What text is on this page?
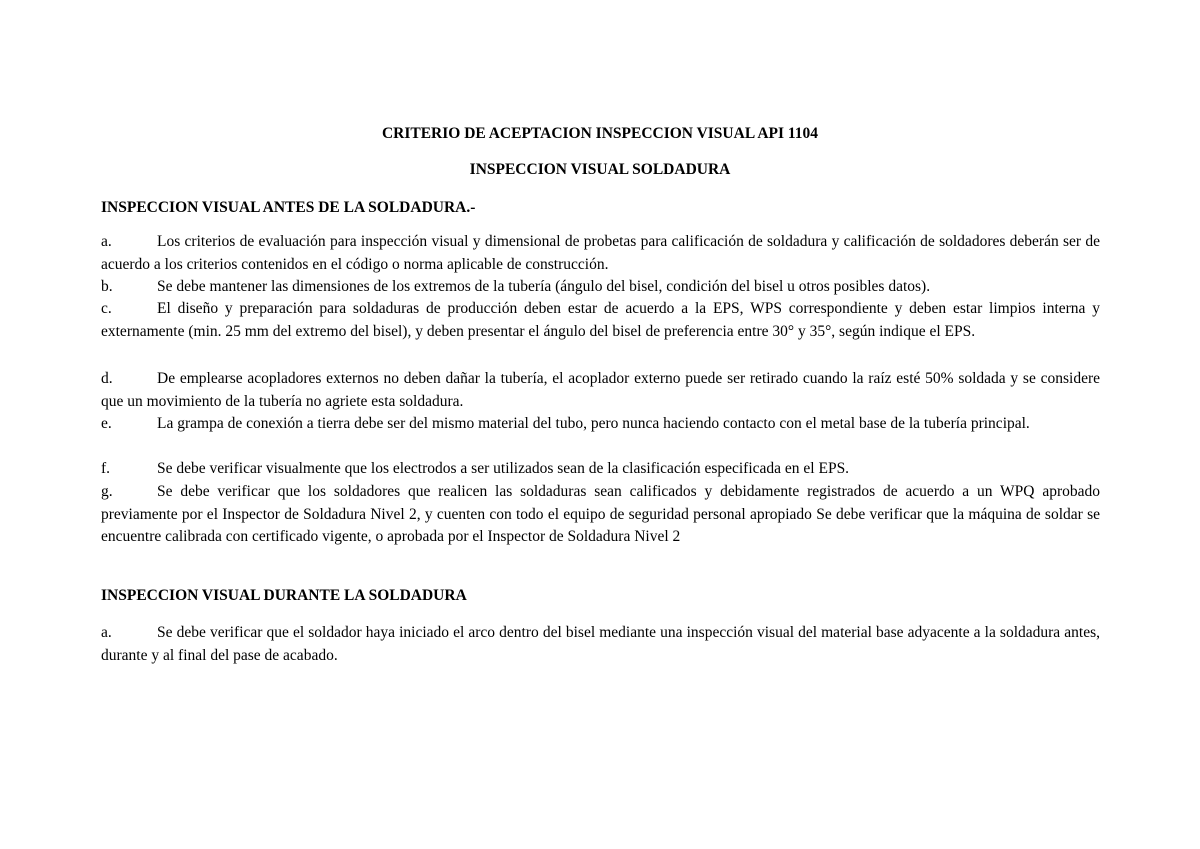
CRITERIO DE ACEPTACION INSPECCION VISUAL API 1104
INSPECCION VISUAL SOLDADURA
INSPECCION VISUAL ANTES DE LA SOLDADURA.-
a.	Los criterios de evaluación para inspección visual y dimensional de probetas para calificación de soldadura y calificación de soldadores deberán ser de acuerdo a los criterios contenidos en el código o norma aplicable de construcción.
b.	Se debe mantener las dimensiones de los extremos de la tubería (ángulo del bisel, condición del bisel u otros posibles datos).
c.	El diseño y preparación para soldaduras de producción deben estar de acuerdo a la EPS, WPS correspondiente y deben estar limpios interna y externamente (min. 25 mm del extremo del bisel), y deben presentar el ángulo del bisel de preferencia entre 30° y 35°, según indique el EPS.
d.	De emplearse acopladores externos no deben dañar la tubería, el acoplador externo puede ser retirado cuando la raíz esté 50% soldada y se considere que un movimiento de la tubería no agriete esta soldadura.
e.	La grampa de conexión a tierra debe ser del mismo material del tubo, pero nunca haciendo contacto con el metal base de la tubería principal.
f.	Se debe verificar visualmente que los electrodos a ser utilizados sean de la clasificación especificada en el EPS.
g.	Se debe verificar que los soldadores que realicen las soldaduras sean calificados y debidamente registrados de acuerdo a un WPQ aprobado previamente por el Inspector de Soldadura Nivel 2, y cuenten con todo el equipo de seguridad personal apropiado Se debe verificar que la máquina de soldar se encuentre calibrada con certificado vigente, o aprobada por el Inspector de Soldadura Nivel 2
INSPECCION VISUAL DURANTE LA SOLDADURA
a.	Se debe verificar que el soldador haya iniciado el arco dentro del bisel mediante una inspección visual del material base adyacente a la soldadura antes, durante y al final del pase de acabado.
